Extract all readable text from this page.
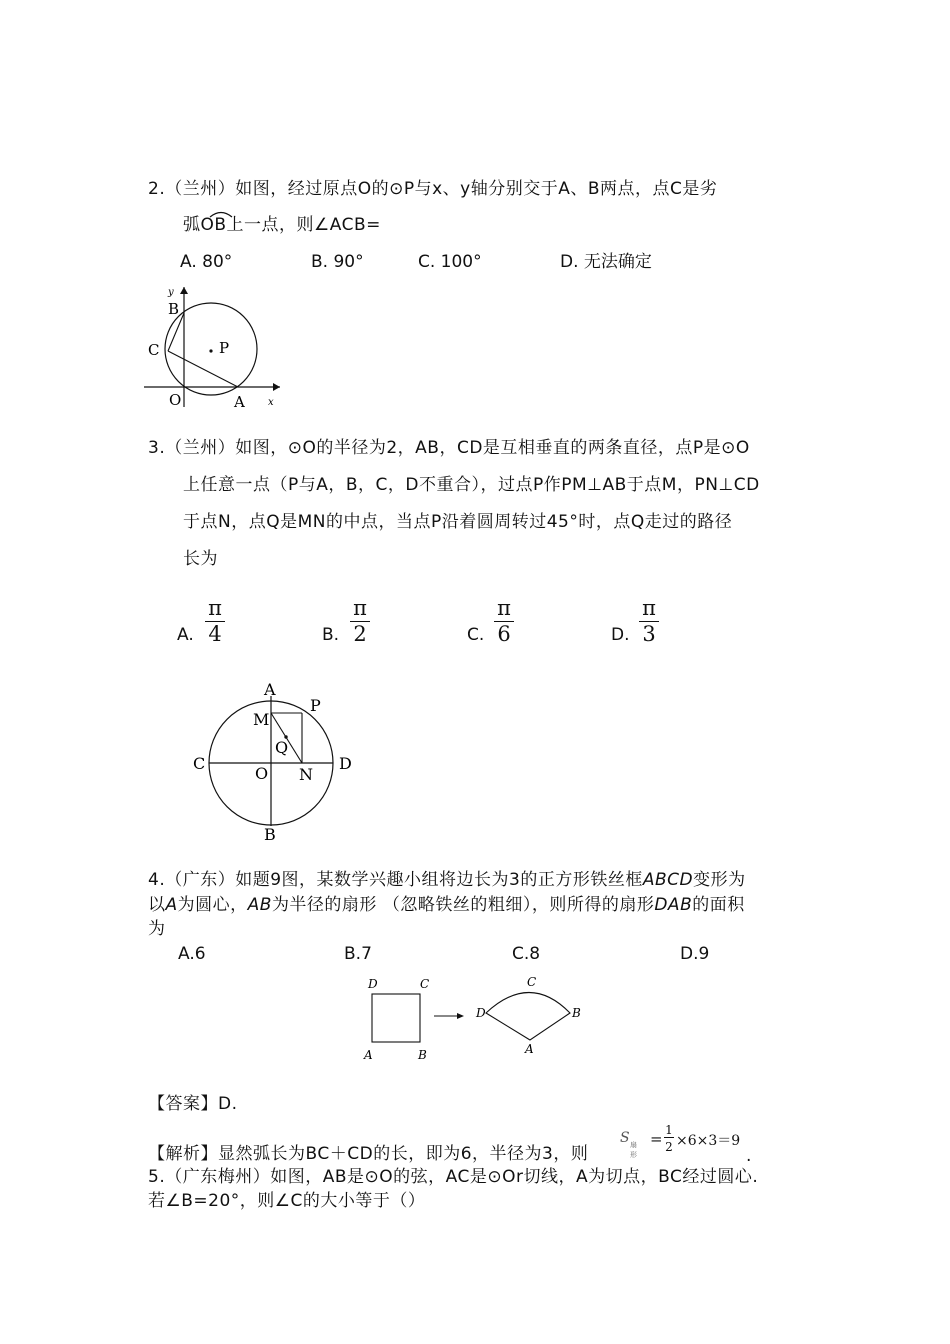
2.（兰州）如图，经过原点O的⊙P与x、y轴分别交于A、B两点，点C是劣
弧OB上一点，则∠ACB=
A. 80°	B. 90°	C. 100°	D. 无法确定
y
x
B
C	P
O	A
3.（兰州）如图，⊙O的半径为2，AB，CD是互相垂直的两条直径，点P是⊙O
上任意一点（P与A，B，C，D不重合），过点P作PM⊥AB于点M，PN⊥CD
于点N，点Q是MN的中点，当点P沿着圆周转过45°时，点Q走过的路径
长为
A. $\frac{\pi}{4}$	B. $\frac{\pi}{2}$	C. $\frac{\pi}{6}$	D. $\frac{\pi}{3}$
A
P
M
Q
C
O N
D
B
4.（广东）如题9图，某数学兴趣小组将边长为3的正方形铁丝框ABCD变形为
以A为圆心，AB为半径的扇形 （忽略铁丝的粗细），则所得的扇形DAB的面积
为
A.6	B.7	C.8	D.9
D	C
A	B
D
C
B
A
【答案】D.
【解析】显然弧长为BC＋CD的长，即为6，半径为3，则
S 扇形
= 1
2 ×6×3＝9
.
5.（广东梅州）如图，AB是⊙O的弦，AC是⊙Or切线，A为切点，BC经过圆心.
若∠B=20°，则∠C的大小等于（）
